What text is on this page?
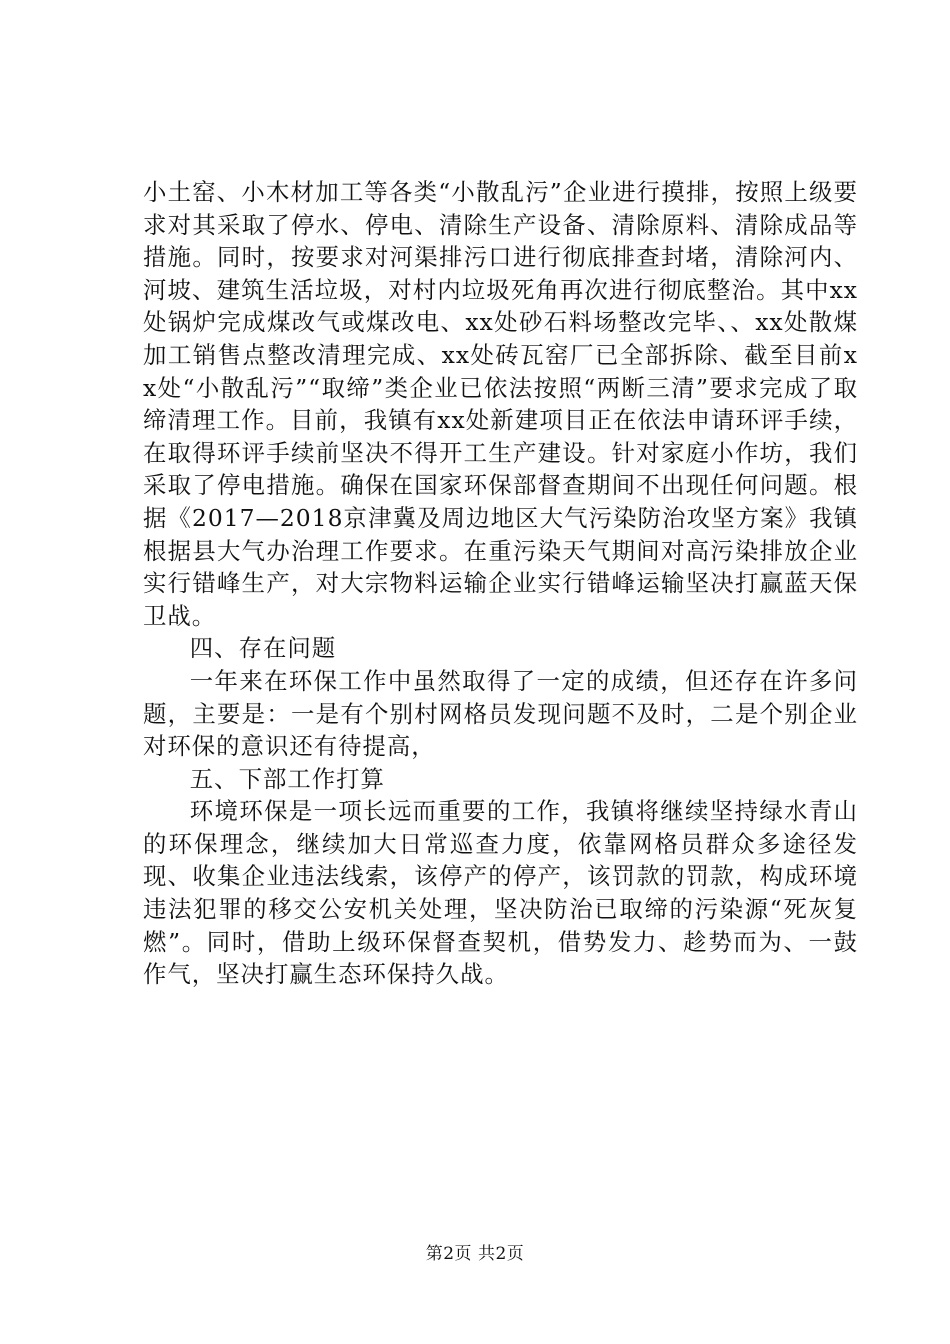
小土窑、小木材加工等各类“小散乱污”企业进行摸排，按照上级要求对其采取了停水、停电、清除生产设备、清除原料、清除成品等措施。同时，按要求对河渠排污口进行彻底排查封堵，清除河内、河坡、建筑生活垃圾，对村内垃圾死角再次进行彻底整治。其中xx处锅炉完成煤改气或煤改电、xx处砂石料场整改完毕、、xx处散煤加工销售点整改清理完成、xx处砖瓦窑厂已全部拆除、截至目前xx处“小散乱污”“取缔”类企业已依法按照“两断三清”要求完成了取缔清理工作。目前，我镇有xx处新建项目正在依法申请环评手续，在取得环评手续前坚决不得开工生产建设。针对家庭小作坊，我们采取了停电措施。确保在国家环保部督查期间不出现任何问题。根据《2017—2018京津冀及周边地区大气污染防治攻坚方案》我镇根据县大气办治理工作要求。在重污染天气期间对高污染排放企业实行错峰生产，对大宗物料运输企业实行错峰运输坚决打赢蓝天保卫战。

四、存在问题

一年来在环保工作中虽然取得了一定的成绩，但还存在许多问题，主要是：一是有个别村网格员发现问题不及时，二是个别企业对环保的意识还有待提高，

五、下部工作打算

环境环保是一项长远而重要的工作，我镇将继续坚持绿水青山的环保理念，继续加大日常巡查力度，依靠网格员群众多途径发现、收集企业违法线索，该停产的停产，该罚款的罚款，构成环境违法犯罪的移交公安机关处理，坚决防治已取缔的污染源“死灰复燃”。同时，借助上级环保督查契机，借势发力、趁势而为、一鼓作气，坚决打赢生态环保持久战。

第2页 共2页
